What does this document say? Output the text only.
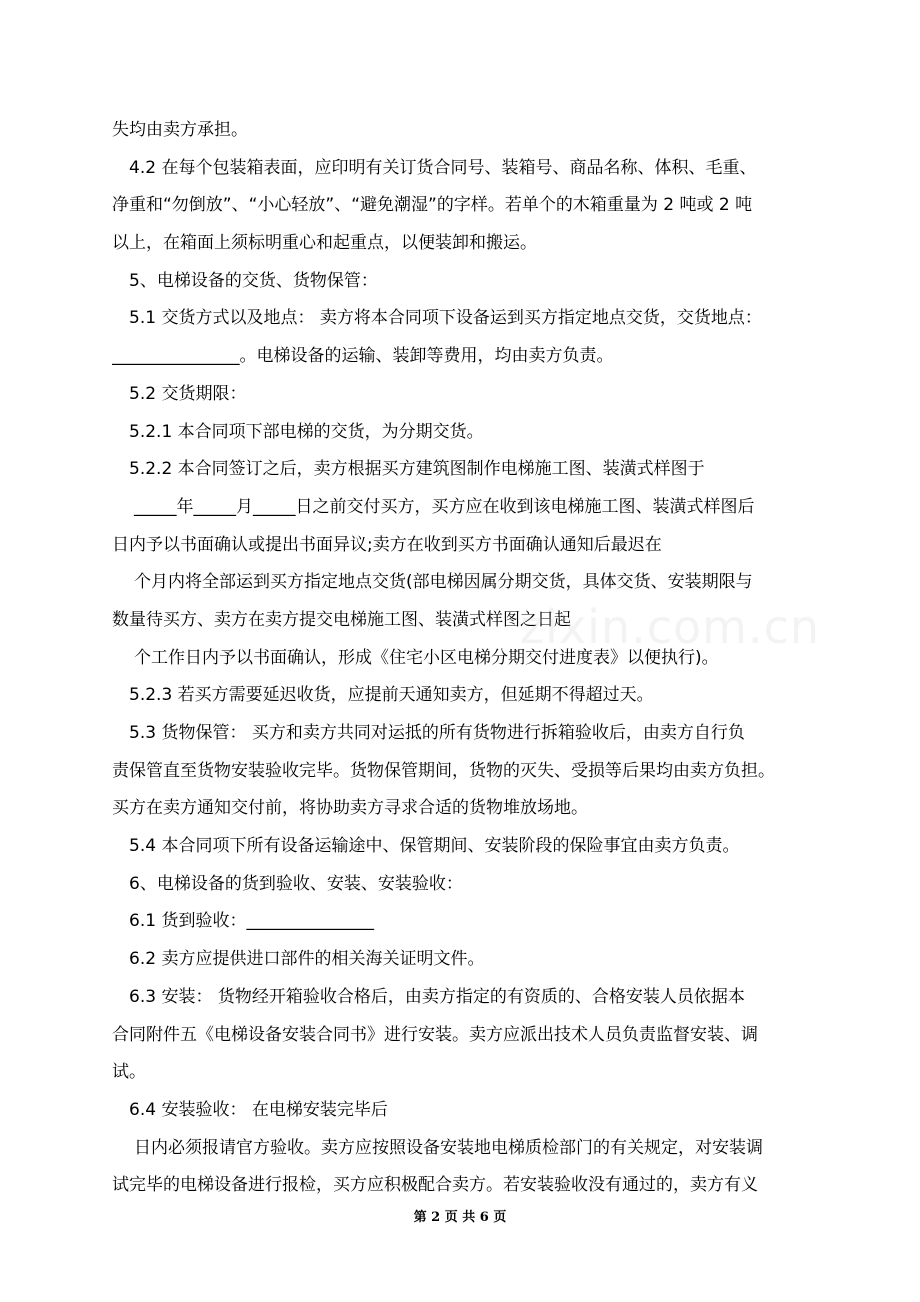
失均由卖方承担。
4.2 在每个包装箱表面，应印明有关订货合同号、装箱号、商品名称、体积、毛重、
净重和“勿倒放”、“小心轻放”、“避免潮湿”的字样。若单个的木箱重量为 2 吨或 2 吨
以上，在箱面上须标明重心和起重点，以便装卸和搬运。
5、电梯设备的交货、货物保管：
5.1 交货方式以及地点： 卖方将本合同项下设备运到买方指定地点交货，交货地点：
_______________。电梯设备的运输、装卸等费用，均由卖方负责。
5.2 交货期限：
5.2.1 本合同项下部电梯的交货，为分期交货。
5.2.2 本合同签订之后，卖方根据买方建筑图制作电梯施工图、装潢式样图于
_____年_____月_____日之前交付买方，买方应在收到该电梯施工图、装潢式样图后
日内予以书面确认或提出书面异议;卖方在收到买方书面确认通知后最迟在
个月内将全部运到买方指定地点交货(部电梯因属分期交货，具体交货、安装期限与
数量待买方、卖方在卖方提交电梯施工图、装潢式样图之日起
个工作日内予以书面确认，形成《住宅小区电梯分期交付进度表》以便执行)。
5.2.3 若买方需要延迟收货，应提前天通知卖方，但延期不得超过天。
5.3 货物保管： 买方和卖方共同对运抵的所有货物进行拆箱验收后，由卖方自行负
责保管直至货物安装验收完毕。货物保管期间，货物的灭失、受损等后果均由卖方负担。
买方在卖方通知交付前，将协助卖方寻求合适的货物堆放场地。
5.4 本合同项下所有设备运输途中、保管期间、安装阶段的保险事宜由卖方负责。
6、电梯设备的货到验收、安装、安装验收：
6.1 货到验收：_______________
6.2 卖方应提供进口部件的相关海关证明文件。
6.3 安装： 货物经开箱验收合格后，由卖方指定的有资质的、合格安装人员依据本
合同附件五《电梯设备安装合同书》进行安装。卖方应派出技术人员负责监督安装、调
试。
6.4 安装验收： 在电梯安装完毕后
日内必须报请官方验收。卖方应按照设备安装地电梯质检部门的有关规定，对安装调
试完毕的电梯设备进行报检，买方应积极配合卖方。若安装验收没有通过的，卖方有义
zixin.com.cn
第 2 页 共 6 页
